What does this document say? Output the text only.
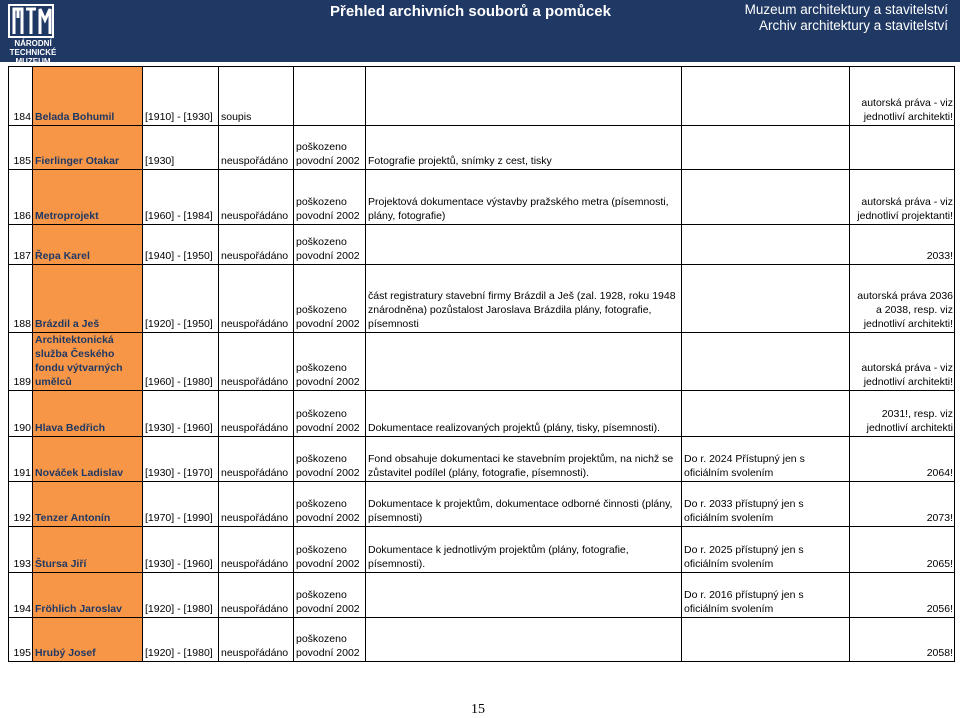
NÁRODNÍ
TECHNICKÉ
MUZEUM
Přehled archivních souborů a pomůcek	Muzeum architektury a stavitelství
Archiv architektury a stavitelství
184	Belada Bohumil	[1910] - [1930]	soupis				autorská práva - viz jednotliví architekti!
185	Fierlinger Otakar	[1930]	neuspořádáno	poškozeno povodní 2002	Fotografie projektů, snímky z cest, tisky		
186	Metroprojekt	[1960] - [1984]	neuspořádáno	poškozeno povodní 2002	Projektová dokumentace výstavby pražského metra (písemnosti, plány, fotografie)		autorská práva - viz jednotliví projektanti!
187	Řepa Karel	[1940] - [1950]	neuspořádáno	poškozeno povodní 2002			2033!
188	Brázdil a Ješ	[1920] - [1950]	neuspořádáno	poškozeno povodní 2002	část registratury stavební firmy Brázdil a Ješ (zal. 1928, roku 1948 znárodněna) pozůstalost Jaroslava Brázdila plány, fotografie, písemnosti		autorská práva 2036 a 2038, resp. viz jednotliví architekti!
189	Architektonická služba Českého fondu výtvarných umělců	[1960] - [1980]	neuspořádáno	poškozeno povodní 2002			autorská práva - viz jednotliví architekti!
190	Hlava Bedřich	[1930] - [1960]	neuspořádáno	poškozeno povodní 2002	Dokumentace realizovaných projektů (plány, tisky, písemnosti).		2031!, resp. viz jednotliví architekti
191	Nováček Ladislav	[1930] - [1970]	neuspořádáno	poškozeno povodní 2002	Fond obsahuje dokumentaci ke stavebním projektům, na nichž se zůstavitel podílel (plány, fotografie, písemnosti).	Do r. 2024 Přístupný jen s oficiálním svolením	2064!
192	Tenzer Antonín	[1970] - [1990]	neuspořádáno	poškozeno povodní 2002	Dokumentace k projektům, dokumentace odborné činnosti (plány, písemnosti)	Do r. 2033 přístupný jen s oficiálním svolením	2073!
193	Štursa Jiří	[1930] - [1960]	neuspořádáno	poškozeno povodní 2002	Dokumentace k jednotlivým projektům (plány, fotografie, písemnosti).	Do r. 2025 přístupný jen s oficiálním svolením	2065!
194	Fröhlich Jaroslav	[1920] - [1980]	neuspořádáno	poškozeno povodní 2002		Do r. 2016 přístupný jen s oficiálním svolením	2056!
195	Hrubý Josef	[1920] - [1980]	neuspořádáno	poškozeno povodní 2002			2058!
15
